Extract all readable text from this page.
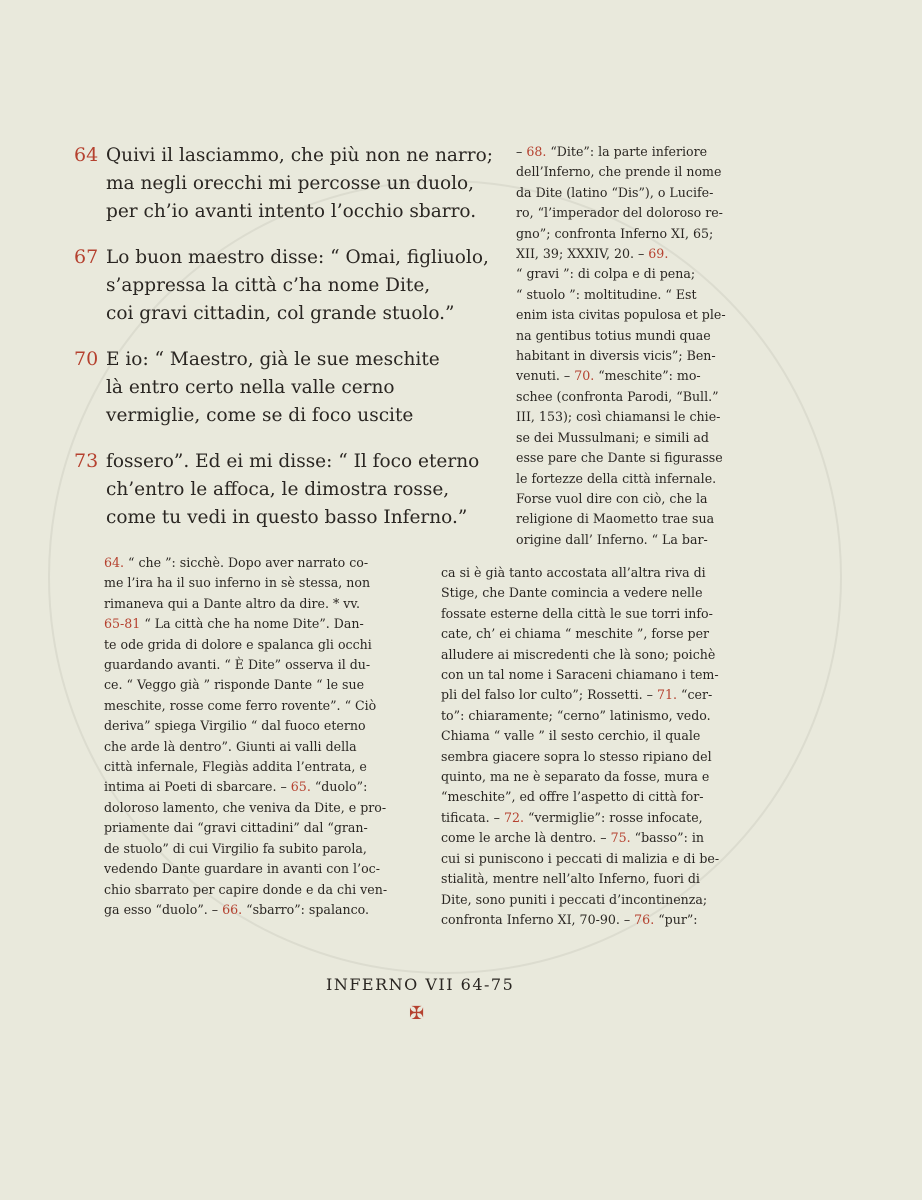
64 Quivi il lasciammo, che più non ne narro;
ma negli orecchi mi percosse un duolo,
per ch’io avanti intento l’occhio sbarro.
67 Lo buon maestro disse: “ Omai, figliuolo,
s’appressa la città c’ha nome Dite,
coi gravi cittadin, col grande stuolo.”
70 E io: “ Maestro, già le sue meschite
là entro certo nella valle cerno
vermiglie, come se di foco uscite
73 fossero”. Ed ei mi disse: “ Il foco eterno
ch’entro le affoca, le dimostra rosse,
come tu vedi in questo basso Inferno.”
– 68. “Dite”: la parte inferiore
dell’Inferno, che prende il nome
da Dite (latino “Dis”), o Lucife-
ro, “l’imperador del doloroso re-
gno”; confronta Inferno XI, 65;
XII, 39; XXXIV, 20. – 69.
“ gravi ”: di colpa e di pena;
“ stuolo ”: moltitudine. “ Est
enim ista civitas populosa et ple-
na gentibus totius mundi quae
habitant in diversis vicis”; Ben-
venuti. – 70. “meschite”: mo-
schee (confronta Parodi, “Bull.”
III, 153); così chiamansi le chie-
se dei Mussulmani; e simili ad
esse pare che Dante si figurasse
le fortezze della città infernale.
Forse vuol dire con ciò, che la
religione di Maometto trae sua
origine dall’ Inferno. “ La bar-
64. “ che ”: sicchè. Dopo aver narrato co-
me l’ira ha il suo inferno in sè stessa, non
rimaneva qui a Dante altro da dire. * vv.
65-81 “ La città che ha nome Dite”. Dan-
te ode grida di dolore e spalanca gli occhi
guardando avanti. “ È Dite” osserva il du-
ce. “ Veggo già ” risponde Dante “ le sue
meschite, rosse come ferro rovente”. “ Ciò
deriva” spiega Virgilio “ dal fuoco eterno
che arde là dentro”. Giunti ai valli della
città infernale, Flegiàs addita l’entrata, e
intima ai Poeti di sbarcare. – 65. “duolo”:
doloroso lamento, che veniva da Dite, e pro-
priamente dai “gravi cittadini” dal “gran-
de stuolo” di cui Virgilio fa subito parola,
vedendo Dante guardare in avanti con l’oc-
chio sbarrato per capire donde e da chi ven-
ga esso “duolo”. – 66. “sbarro”: spalanco.
ca si è già tanto accostata all’altra riva di
Stige, che Dante comincia a vedere nelle
fossate esterne della città le sue torri info-
cate, ch’ ei chiama “ meschite ”, forse per
alludere ai miscredenti che là sono; poichè
con un tal nome i Saraceni chiamano i tem-
pli del falso lor culto”; Rossetti. – 71. “cer-
to”: chiaramente; “cerno” latinismo, vedo.
Chiama “ valle ” il sesto cerchio, il quale
sembra giacere sopra lo stesso ripiano del
quinto, ma ne è separato da fosse, mura e
“meschite”, ed offre l’aspetto di città for-
tificata. – 72. “vermiglie”: rosse infocate,
come le arche là dentro. – 75. “basso”: in
cui si puniscono i peccati di malizia e di be-
stialità, mentre nell’alto Inferno, fuori di
Dite, sono puniti i peccati d’incontinenza;
confronta Inferno XI, 70-90. – 76. “pur”:
INFERNO VII 64-75
✠
